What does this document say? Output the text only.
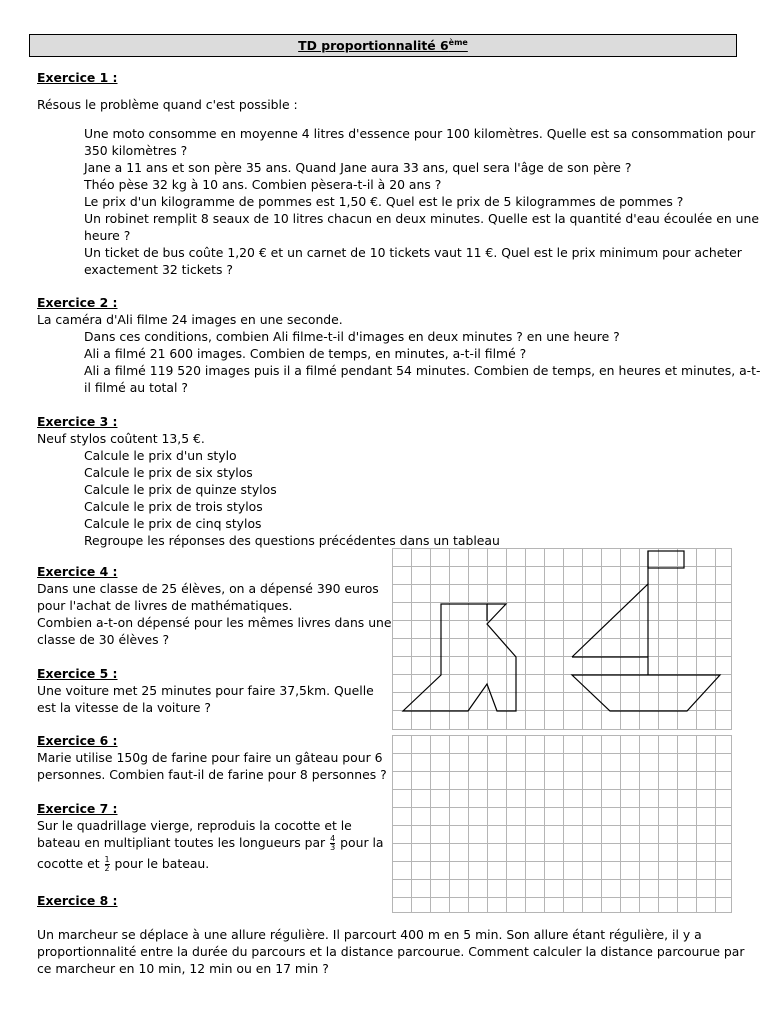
TD proportionnalité 6ème
Exercice 1 :
Résous le problème quand c'est possible :
Une moto consomme en moyenne 4 litres d'essence pour 100 kilomètres. Quelle est sa consommation pour
350 kilomètres ?
Jane a 11 ans et son père 35 ans. Quand Jane aura 33 ans, quel sera l'âge de son père ?
Théo pèse 32 kg à 10 ans. Combien pèsera-t-il à 20 ans ?
Le prix d'un kilogramme de pommes est 1,50 €. Quel est le prix de 5 kilogrammes de pommes ?
Un robinet remplit 8 seaux de 10 litres chacun en deux minutes. Quelle est la quantité d'eau écoulée en une
heure ?
Un ticket de bus coûte 1,20 € et un carnet de 10 tickets vaut 11 €. Quel est le prix minimum pour acheter
exactement 32 tickets ?
Exercice 2 :
La caméra d'Ali filme 24 images en une seconde.
Dans ces conditions, combien Ali filme-t-il d'images en deux minutes ? en une heure ?
Ali a filmé 21 600 images. Combien de temps, en minutes, a-t-il filmé ?
Ali a filmé 119 520 images puis il a filmé pendant 54 minutes. Combien de temps, en heures et minutes, a-t-
il filmé au total ?
Exercice 3 :
Neuf stylos coûtent 13,5 €.
Calcule le prix d'un stylo
Calcule le prix de six stylos
Calcule le prix de quinze stylos
Calcule le prix de trois stylos
Calcule le prix de cinq stylos
Regroupe les réponses des questions précédentes dans un tableau
Exercice 4 :
Dans une classe de 25 élèves, on a dépensé 390 euros
pour l'achat de livres de mathématiques.
Combien a-t-on dépensé pour les mêmes livres dans une
classe de 30 élèves ?
Exercice 5 :
Une voiture met 25 minutes pour faire 37,5km. Quelle
est la vitesse de la voiture ?
Exercice 6 :
Marie utilise 150g de farine pour faire un gâteau pour 6
personnes. Combien faut-il de farine pour 8 personnes ?
Exercice 7 :
Sur le quadrillage vierge, reproduis la cocotte et le
bateau en multipliant toutes les longueurs par $\frac{4}{3}$ pour la
cocotte et $\frac{1}{2}$ pour le bateau.
Exercice 8 :
Un marcheur se déplace à une allure régulière. Il parcourt 400 m en 5 min. Son allure étant régulière, il y a
proportionnalité entre la durée du parcours et la distance parcourue. Comment calculer la distance parcourue par
ce marcheur en 10 min, 12 min ou en 17 min ?
